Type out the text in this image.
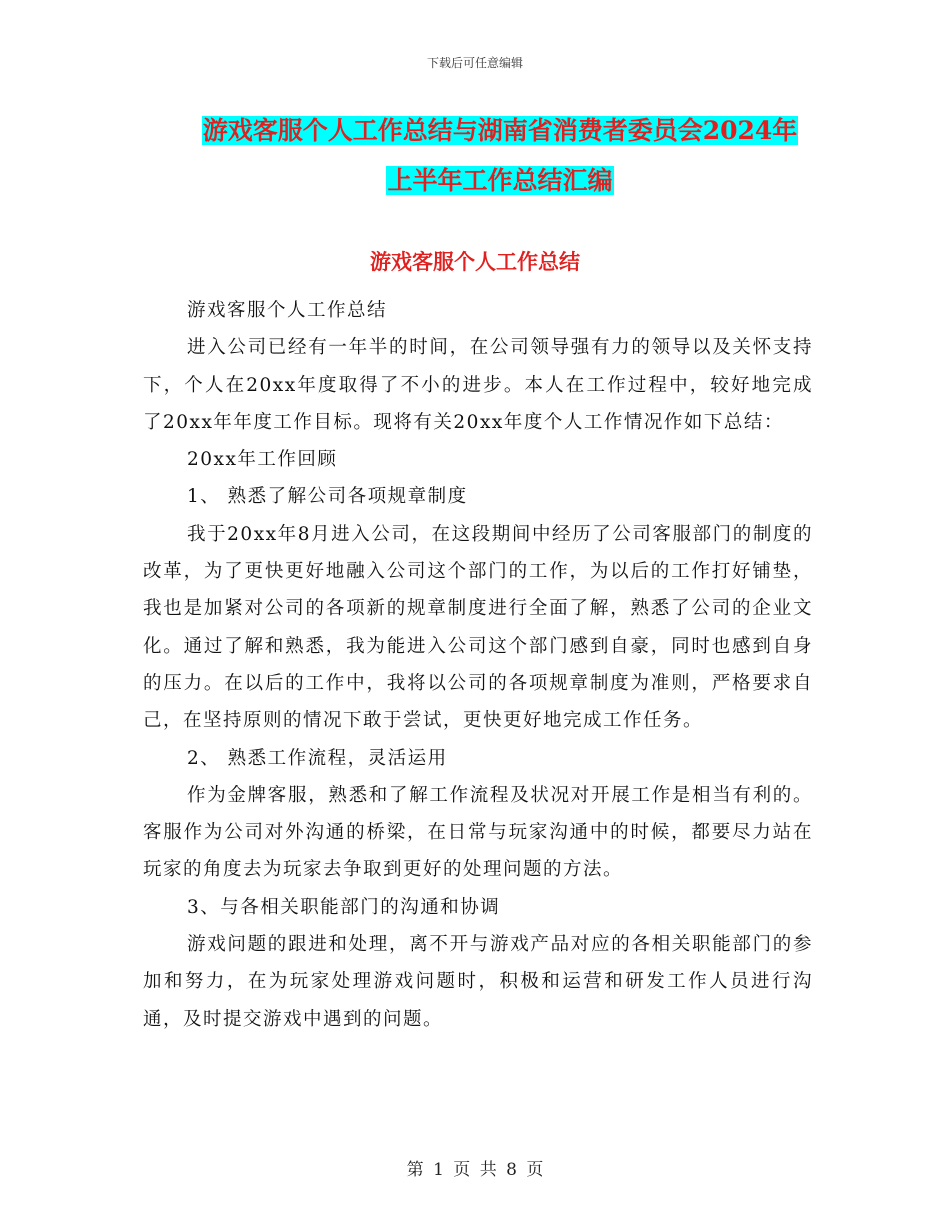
下载后可任意编辑
游戏客服个人工作总结与湖南省消费者委员会2024年
上半年工作总结汇编
游戏客服个人工作总结

游戏客服个人工作总结

进入公司已经有一年半的时间，在公司领导强有力的领导以及关怀支持下，个人在20xx年度取得了不小的进步。本人在工作过程中，较好地完成了20xx年年度工作目标。现将有关20xx年度个人工作情况作如下总结：

20xx年工作回顾

1、 熟悉了解公司各项规章制度

我于20xx年8月进入公司，在这段期间中经历了公司客服部门的制度的改革，为了更快更好地融入公司这个部门的工作，为以后的工作打好铺垫，我也是加紧对公司的各项新的规章制度进行全面了解，熟悉了公司的企业文化。通过了解和熟悉，我为能进入公司这个部门感到自豪，同时也感到自身的压力。在以后的工作中，我将以公司的各项规章制度为准则，严格要求自己，在坚持原则的情况下敢于尝试，更快更好地完成工作任务。

2、 熟悉工作流程，灵活运用

作为金牌客服，熟悉和了解工作流程及状况对开展工作是相当有利的。客服作为公司对外沟通的桥梁，在日常与玩家沟通中的时候，都要尽力站在玩家的角度去为玩家去争取到更好的处理问题的方法。

3、与各相关职能部门的沟通和协调

游戏问题的跟进和处理，离不开与游戏产品对应的各相关职能部门的参加和努力，在为玩家处理游戏问题时，积极和运营和研发工作人员进行沟通，及时提交游戏中遇到的问题。

第 1 页 共 8 页
